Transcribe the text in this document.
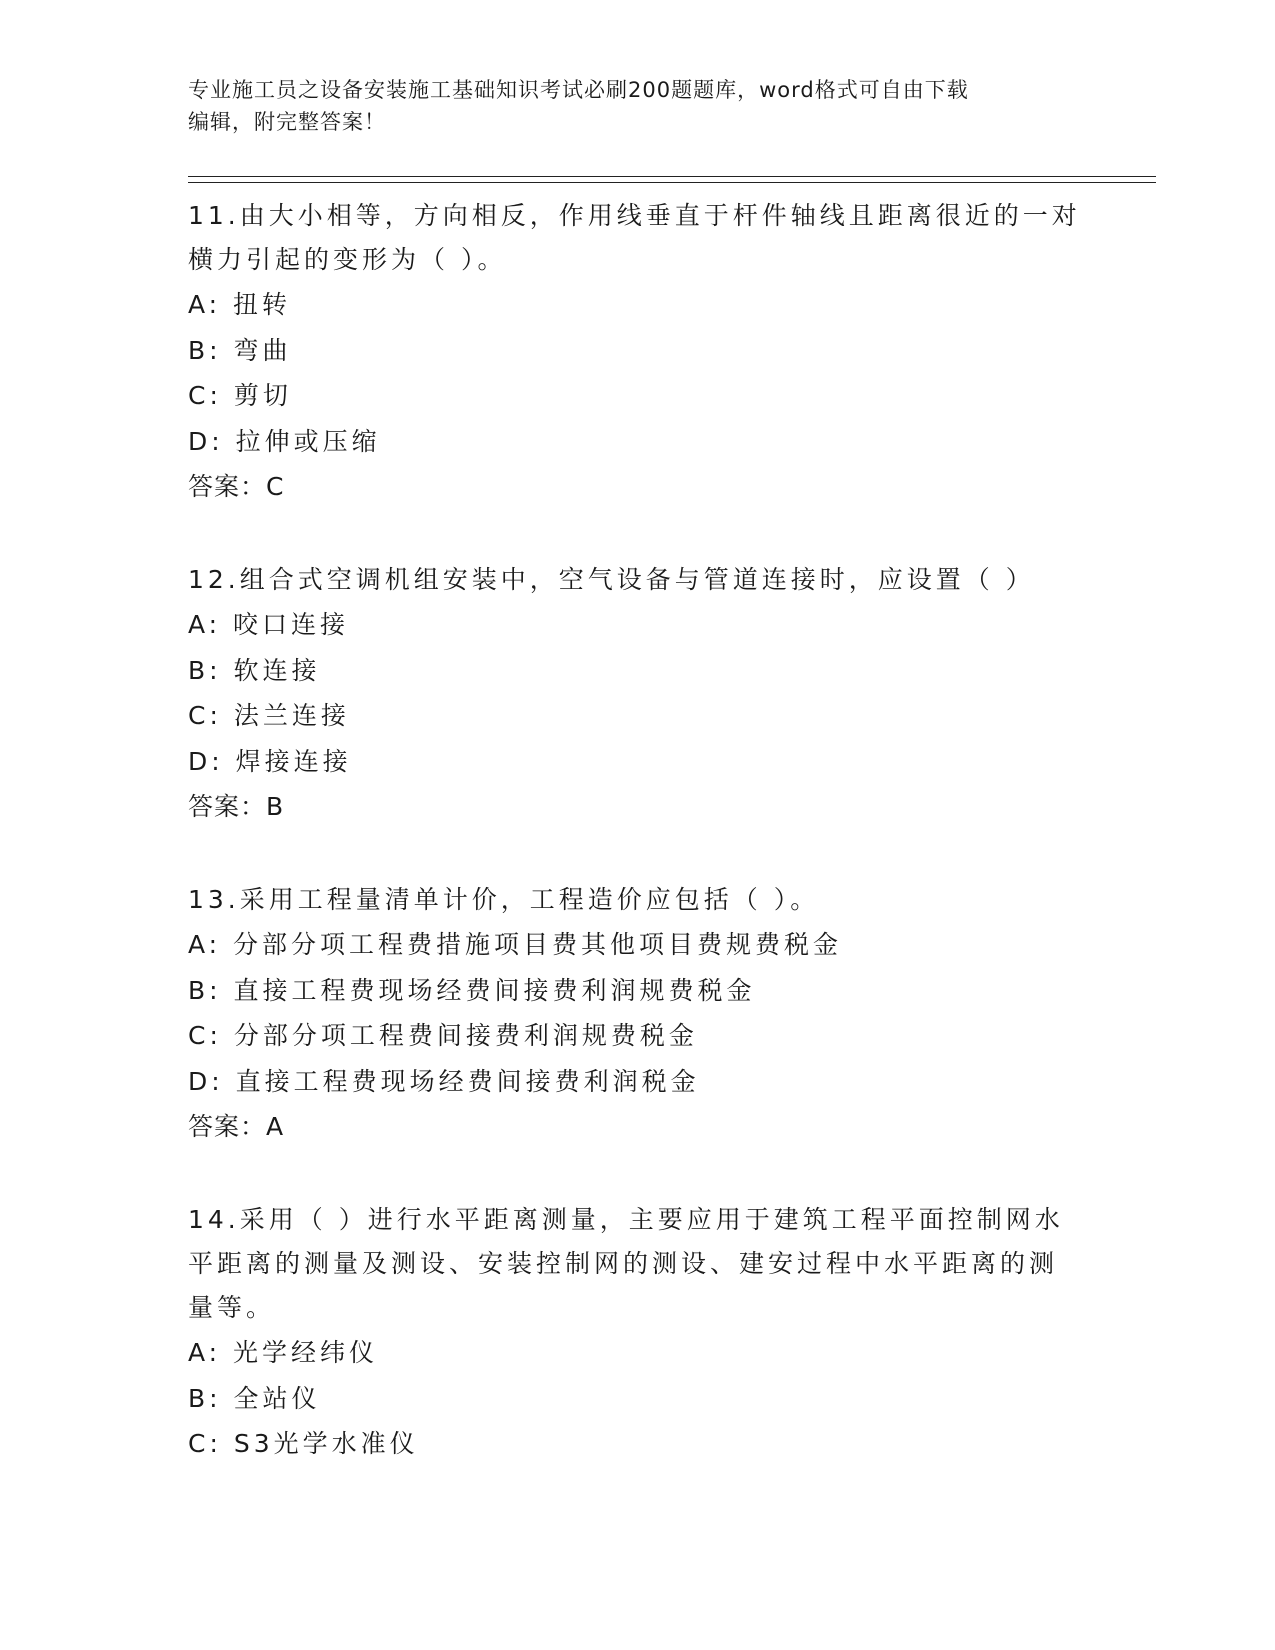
专业施工员之设备安装施工基础知识考试必刷200题题库，word格式可自由下载
编辑，附完整答案！
11.由大小相等，方向相反，作用线垂直于杆件轴线且距离很近的一对
横力引起的变形为（ ）。
A: 扭转
B: 弯曲
C: 剪切
D: 拉伸或压缩
答案：C
12.组合式空调机组安装中，空气设备与管道连接时，应设置（ ）
A: 咬口连接
B: 软连接
C: 法兰连接
D: 焊接连接
答案：B
13.采用工程量清单计价，工程造价应包括（ ）。
A: 分部分项工程费措施项目费其他项目费规费税金
B: 直接工程费现场经费间接费利润规费税金
C: 分部分项工程费间接费利润规费税金
D: 直接工程费现场经费间接费利润税金
答案：A
14.采用（ ）进行水平距离测量，主要应用于建筑工程平面控制网水
平距离的测量及测设、安装控制网的测设、建安过程中水平距离的测
量等。
A: 光学经纬仪
B: 全站仪
C: S3光学水准仪
